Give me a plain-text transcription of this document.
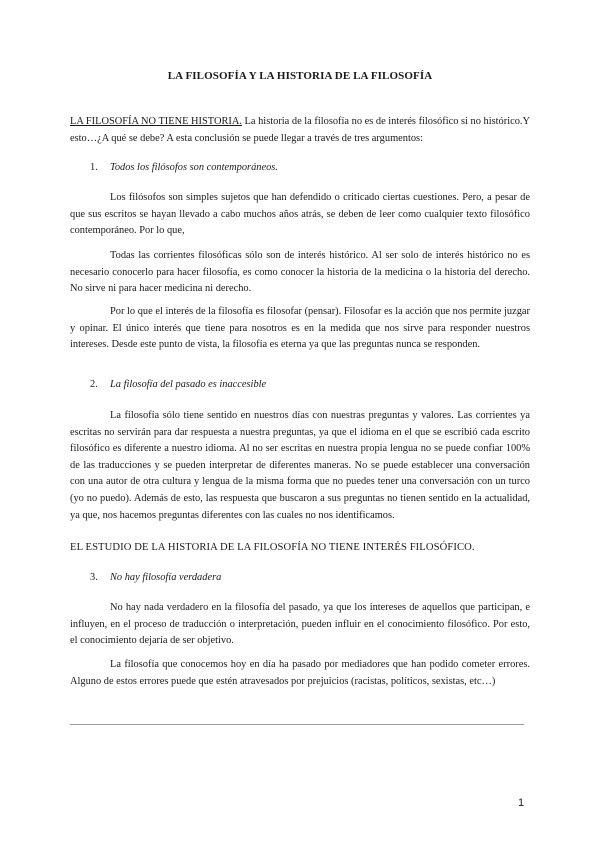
LA FILOSOFÍA Y LA HISTORIA DE LA FILOSOFÍA
LA FILOSOFÍA NO TIENE HISTORIA. La historia de la filosofía no es de interés filosófico si no histórico.Y esto…¿A qué se debe? A esta conclusión se puede llegar a través de tres argumentos:
1. Todos los filósofos son contemporáneos.
Los filósofos son simples sujetos que han defendido o criticado ciertas cuestiones. Pero, a pesar de que sus escritos se hayan llevado a cabo muchos años atrás, se deben de leer como cualquier texto filosófico contemporáneo. Por lo que,
Todas las corrientes filosóficas sólo son de interés histórico. Al ser solo de interés histórico no es necesario conocerlo para hacer filosofía, es como conocer la historia de la medicina o la historia del derecho. No sirve ni para hacer medicina ni derecho.
Por lo que el interés de la filosofía es filosofar (pensar). Filosofar es la acción que nos permite juzgar y opinar. El único interés que tiene para nosotros es en la medida que nos sirve para responder nuestros intereses. Desde este punto de vista, la filosofía es eterna ya que las preguntas nunca se responden.
2. La filosofía del pasado es inaccesible
La filosofía sólo tiene sentido en nuestros días con nuestras preguntas y valores. Las corrientes ya escritas no servirán para dar respuesta a nuestra preguntas, ya que el idioma en el que se escribió cada escrito filosófico es diferente a nuestro idioma. Al no ser escritas en nuestra propia lengua no se puede confiar 100% de las traducciones y se pueden interpretar de diferentes maneras. No se puede establecer una conversación con una autor de otra cultura y lengua de la misma forma que no puedes tener una conversación con un turco (yo no puedo). Además de esto, las respuesta que buscaron a sus preguntas no tienen sentido en la actualidad, ya que, nos hacemos preguntas diferentes con las cuales no nos identificamos.
EL ESTUDIO DE LA HISTORIA DE LA FILOSOFÍA NO TIENE INTERÉS FILOSÓFICO.
3. No hay filosofía verdadera
No hay nada verdadero en la filosofía del pasado, ya que los intereses de aquellos que participan, e influyen, en el proceso de traducción o interpretación, pueden influir en el conocimiento filosófico. Por esto, el conocimiento dejaría de ser objetivo.
La filosofía que conocemos hoy en día ha pasado por mediadores que han podido cometer errores. Alguno de estos errores puede que estén atravesados por prejuicios (racistas, políticos, sexistas, etc…)
1
